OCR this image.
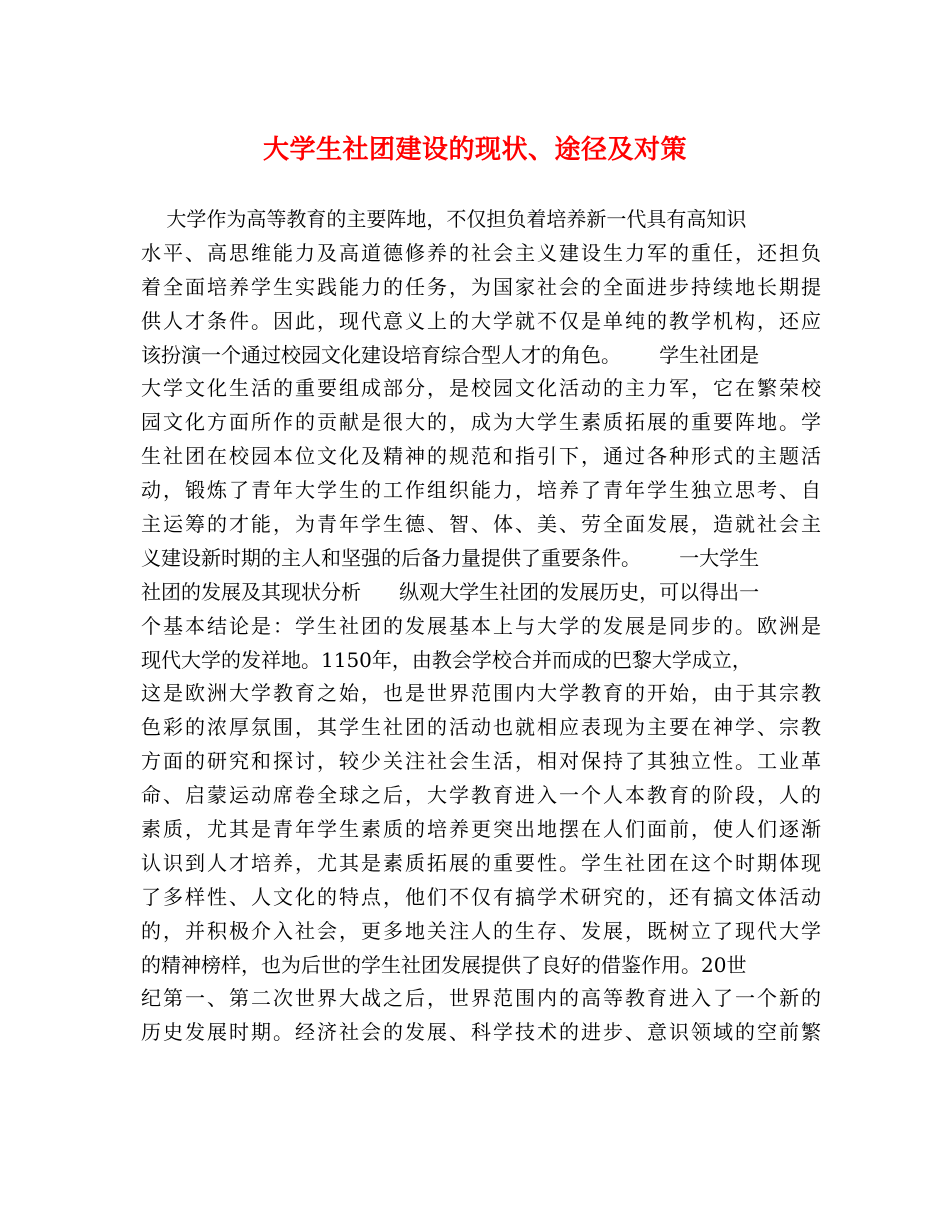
大学生社团建设的现状、途径及对策
大学作为高等教育的主要阵地，不仅担负着培养新一代具有高知识
水平、高思维能力及高道德修养的社会主义建设生力军的重任，还担负
着全面培养学生实践能力的任务，为国家社会的全面进步持续地长期提
供人才条件。因此，现代意义上的大学就不仅是单纯的教学机构，还应
该扮演一个通过校园文化建设培育综合型人才的角色。      学生社团是
大学文化生活的重要组成部分，是校园文化活动的主力军，它在繁荣校
园文化方面所作的贡献是很大的，成为大学生素质拓展的重要阵地。学
生社团在校园本位文化及精神的规范和指引下，通过各种形式的主题活
动，锻炼了青年大学生的工作组织能力，培养了青年学生独立思考、自
主运筹的才能，为青年学生德、智、体、美、劳全面发展，造就社会主
义建设新时期的主人和坚强的后备力量提供了重要条件。      一大学生
社团的发展及其现状分析      纵观大学生社团的发展历史，可以得出一
个基本结论是：学生社团的发展基本上与大学的发展是同步的。欧洲是
现代大学的发祥地。1150年，由教会学校合并而成的巴黎大学成立，
这是欧洲大学教育之始，也是世界范围内大学教育的开始，由于其宗教
色彩的浓厚氛围，其学生社团的活动也就相应表现为主要在神学、宗教
方面的研究和探讨，较少关注社会生活，相对保持了其独立性。工业革
命、启蒙运动席卷全球之后，大学教育进入一个人本教育的阶段，人的
素质，尤其是青年学生素质的培养更突出地摆在人们面前，使人们逐渐
认识到人才培养，尤其是素质拓展的重要性。学生社团在这个时期体现
了多样性、人文化的特点，他们不仅有搞学术研究的，还有搞文体活动
的，并积极介入社会，更多地关注人的生存、发展，既树立了现代大学
的精神榜样，也为后世的学生社团发展提供了良好的借鉴作用。20世
纪第一、第二次世界大战之后，世界范围内的高等教育进入了一个新的
历史发展时期。经济社会的发展、科学技术的进步、意识领域的空前繁
